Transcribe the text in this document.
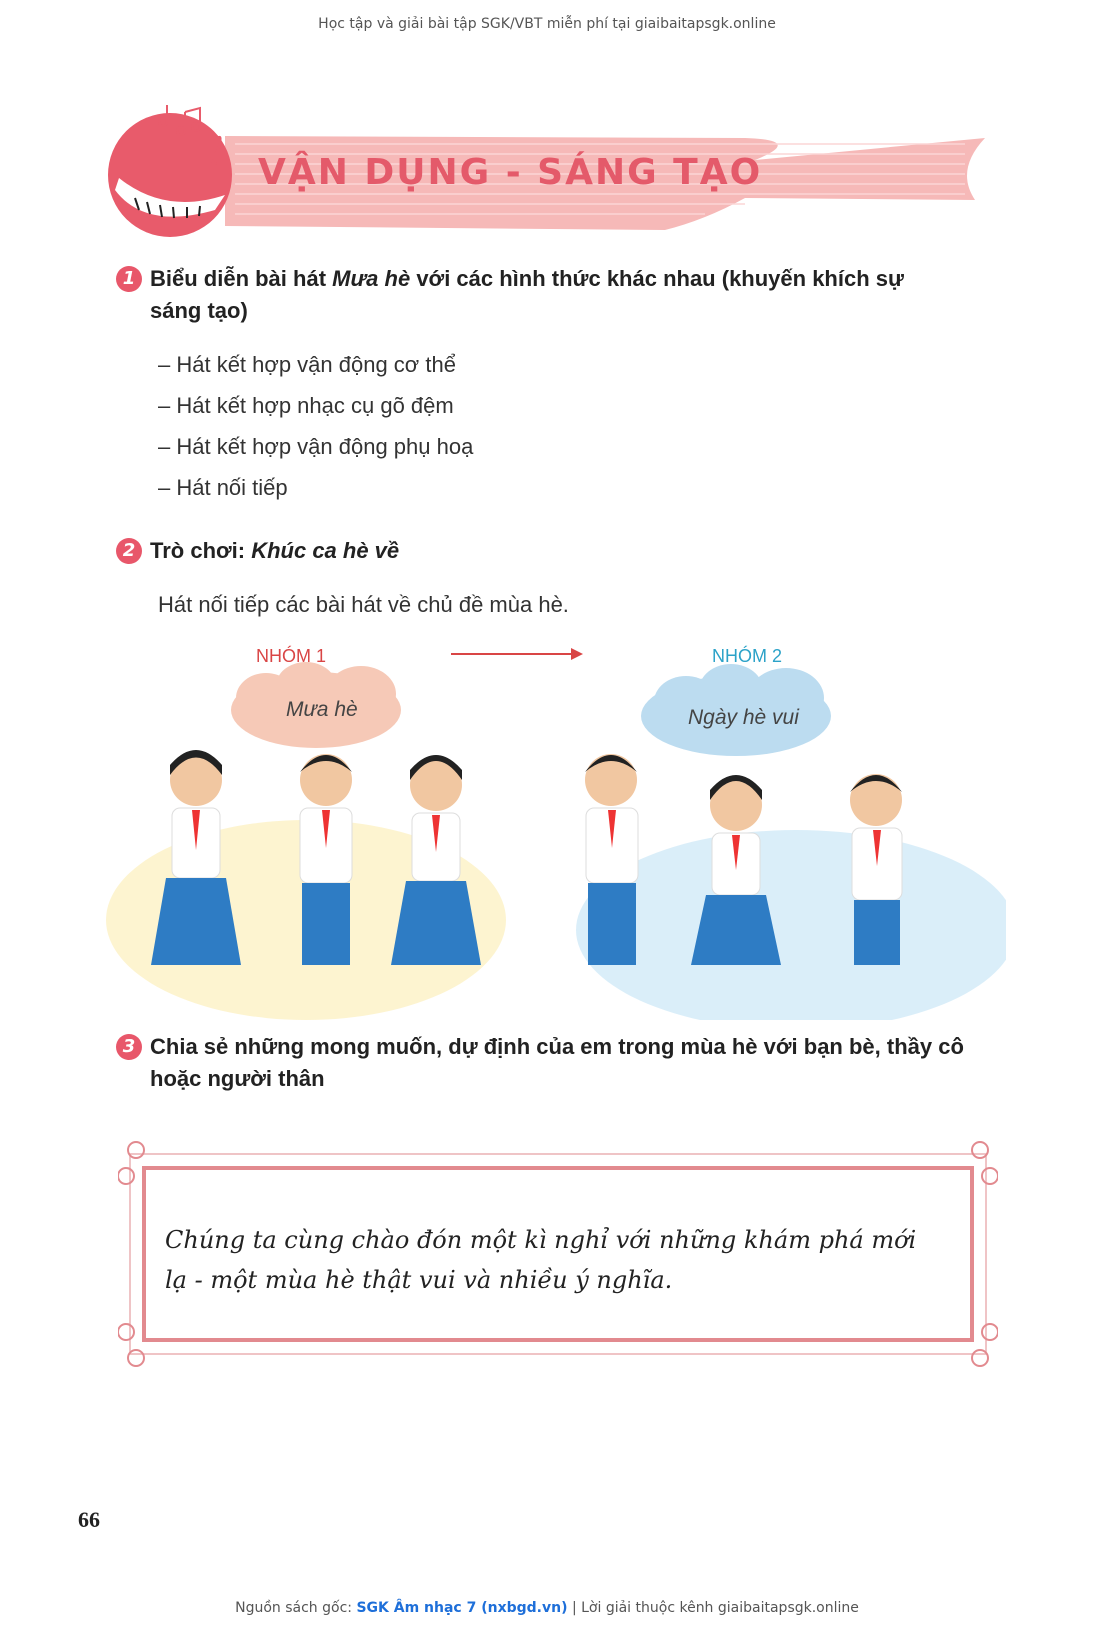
Học tập và giải bài tập SGK/VBT miễn phí tại giaibaitapsgk.online
VẬN DỤNG - SÁNG TẠO
1 Biểu diễn bài hát Mưa hè với các hình thức khác nhau (khuyến khích sự
sáng tạo)
– Hát kết hợp vận động cơ thể
– Hát kết hợp nhạc cụ gõ đệm
– Hát kết hợp vận động phụ hoạ
– Hát nối tiếp
2 Trò chơi: Khúc ca hè về
Hát nối tiếp các bài hát về chủ đề mùa hè.
NHÓM 1	NHÓM 2
Mưa hè	Ngày hè vui
3 Chia sẻ những mong muốn, dự định của em trong mùa hè với bạn bè, thầy cô
hoặc người thân
Chúng ta cùng chào đón một kì nghỉ với những khám phá mới lạ - một mùa hè thật vui và nhiều ý nghĩa.
66
Nguồn sách gốc: SGK Âm nhạc 7 (nxbgd.vn) | Lời giải thuộc kênh giaibaitapsgk.online
